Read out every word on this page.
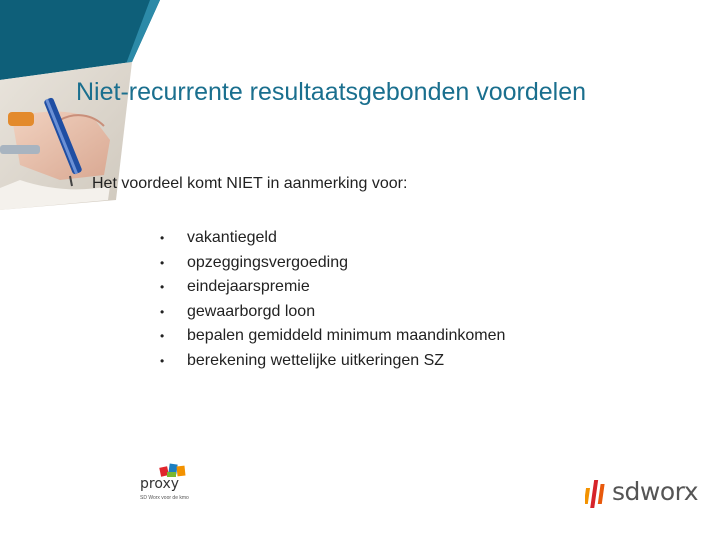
Niet-recurrente resultaatsgebonden voordelen
Het voordeel komt NIET in aanmerking voor:
•	vakantiegeld
•	opzeggingsvergoeding
•	eindejaarspremie
•	gewaarborgd loon
•	bepalen gemiddeld minimum maandinkomen
•	berekening wettelijke uitkeringen SZ
proxy
SD Worx voor de kmo	sdworx
